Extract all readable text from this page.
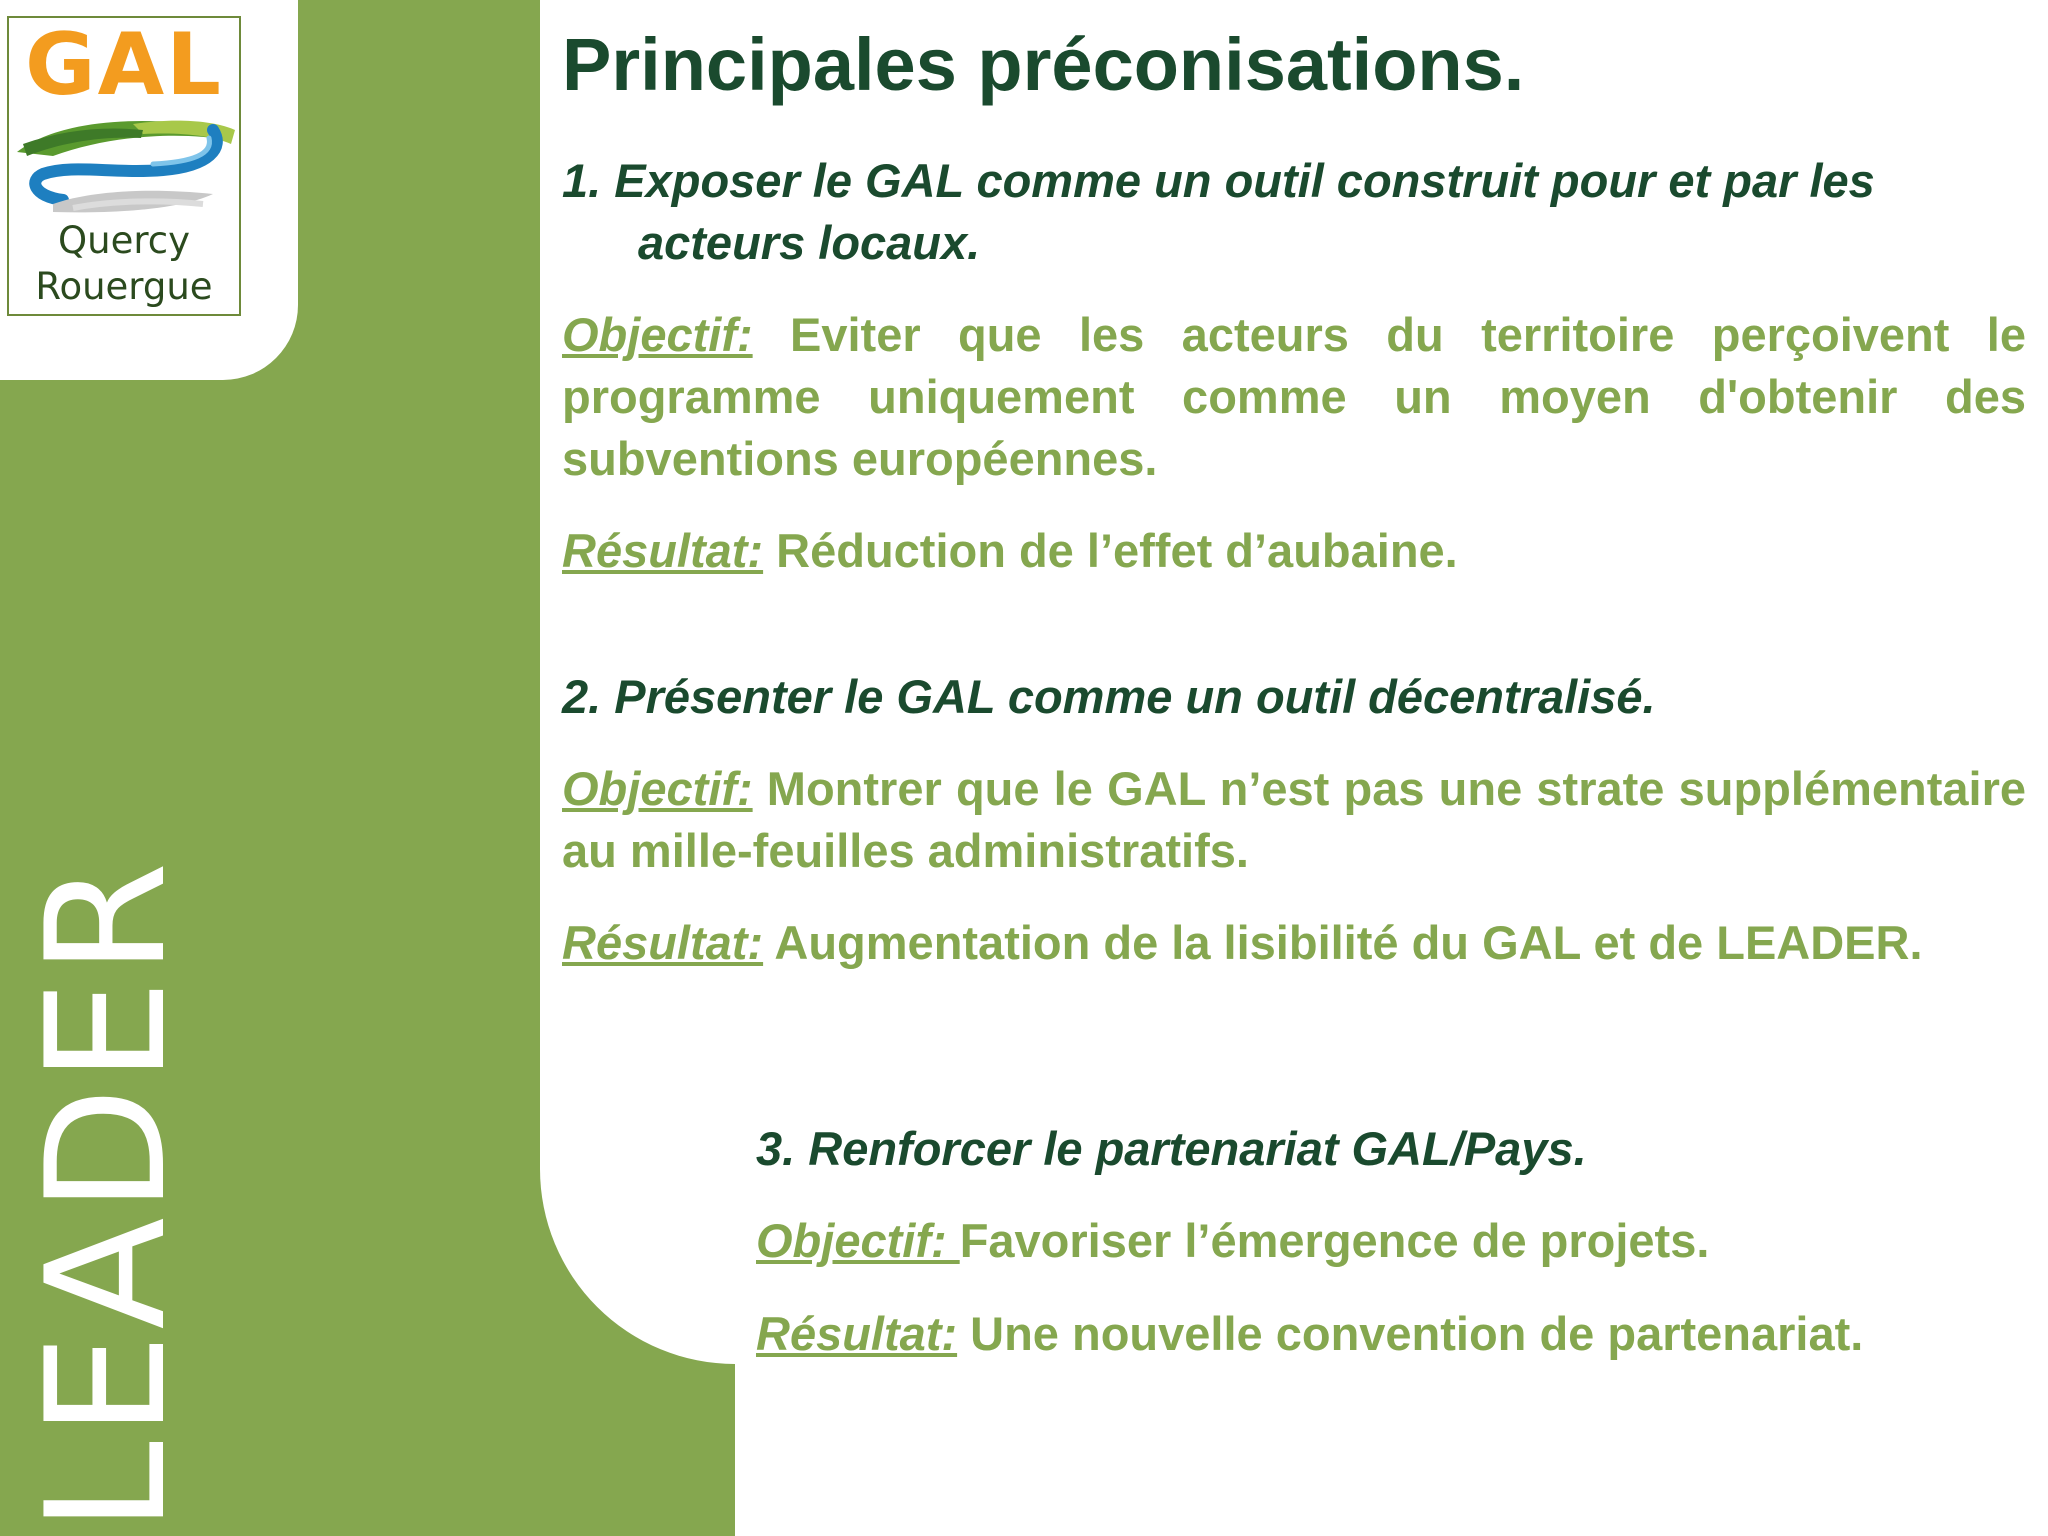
GAL
Quercy
Rouergue
LEADER
Principales préconisations.
1. Exposer le GAL comme un outil construit pour et par les
acteurs locaux.

Objectif: Eviter que les acteurs du territoire perçoivent le programme uniquement comme un moyen d'obtenir des subventions européennes.

Résultat: Réduction de l’effet d’aubaine.

2. Présenter le GAL comme un outil décentralisé.

Objectif: Montrer que le GAL n’est pas une strate supplémentaire au mille-feuilles administratifs.

Résultat: Augmentation de la lisibilité du GAL et de LEADER.

3. Renforcer le partenariat GAL/Pays.

Objectif: Favoriser l’émergence de projets.

Résultat: Une nouvelle convention de partenariat.
